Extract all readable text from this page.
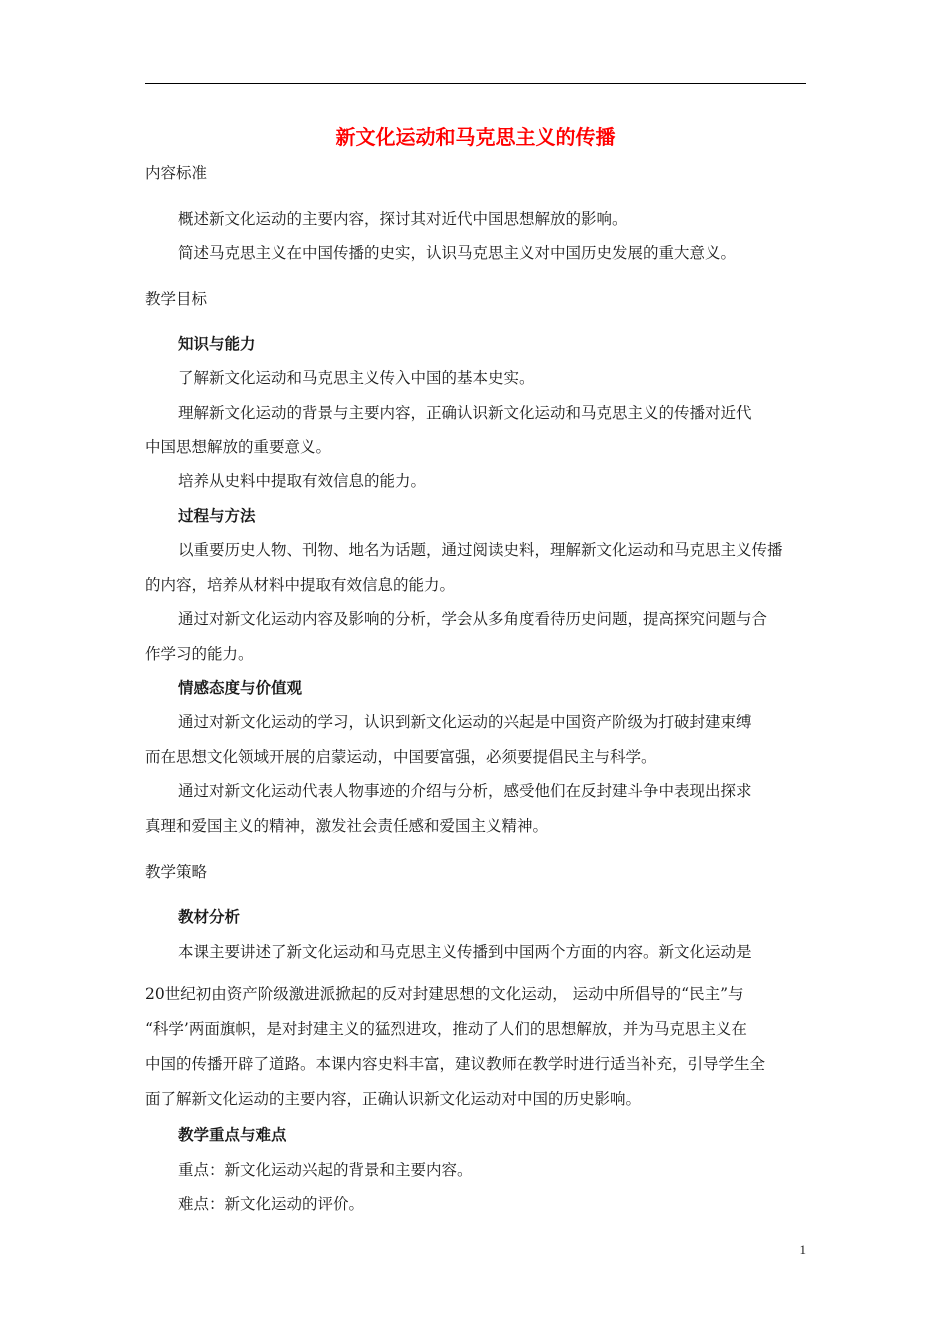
新文化运动和马克思主义的传播
内容标准
概述新文化运动的主要内容，探讨其对近代中国思想解放的影响。
简述马克思主义在中国传播的史实，认识马克思主义对中国历史发展的重大意义。
教学目标
知识与能力
了解新文化运动和马克思主义传入中国的基本史实。
理解新文化运动的背景与主要内容，正确认识新文化运动和马克思主义的传播对近代
中国思想解放的重要意义。
培养从史料中提取有效信息的能力。
过程与方法
以重要历史人物、刊物、地名为话题，通过阅读史料，理解新文化运动和马克思主义传播
的内容，培养从材料中提取有效信息的能力。
通过对新文化运动内容及影响的分析，学会从多角度看待历史问题，提高探究问题与合
作学习的能力。
情感态度与价值观
通过对新文化运动的学习，认识到新文化运动的兴起是中国资产阶级为打破封建束缚
而在思想文化领域开展的启蒙运动，中国要富强，必须要提倡民主与科学。
通过对新文化运动代表人物事迹的介绍与分析，感受他们在反封建斗争中表现出探求
真理和爱国主义的精神，激发社会责任感和爱国主义精神。
教学策略
教材分析
本课主要讲述了新文化运动和马克思主义传播到中国两个方面的内容。新文化运动是
20世纪初由资产阶级激进派掀起的反对封建思想的文化运动， 运动中所倡导的“民主”与
“科学’两面旗帜，是对封建主义的猛烈进攻，推动了人们的思想解放，并为马克思主义在
中国的传播开辟了道路。本课内容史料丰富，建议教师在教学时进行适当补充，引导学生全
面了解新文化运动的主要内容，正确认识新文化运动对中国的历史影响。
教学重点与难点
重点：新文化运动兴起的背景和主要内容。
难点：新文化运动的评价。
1
